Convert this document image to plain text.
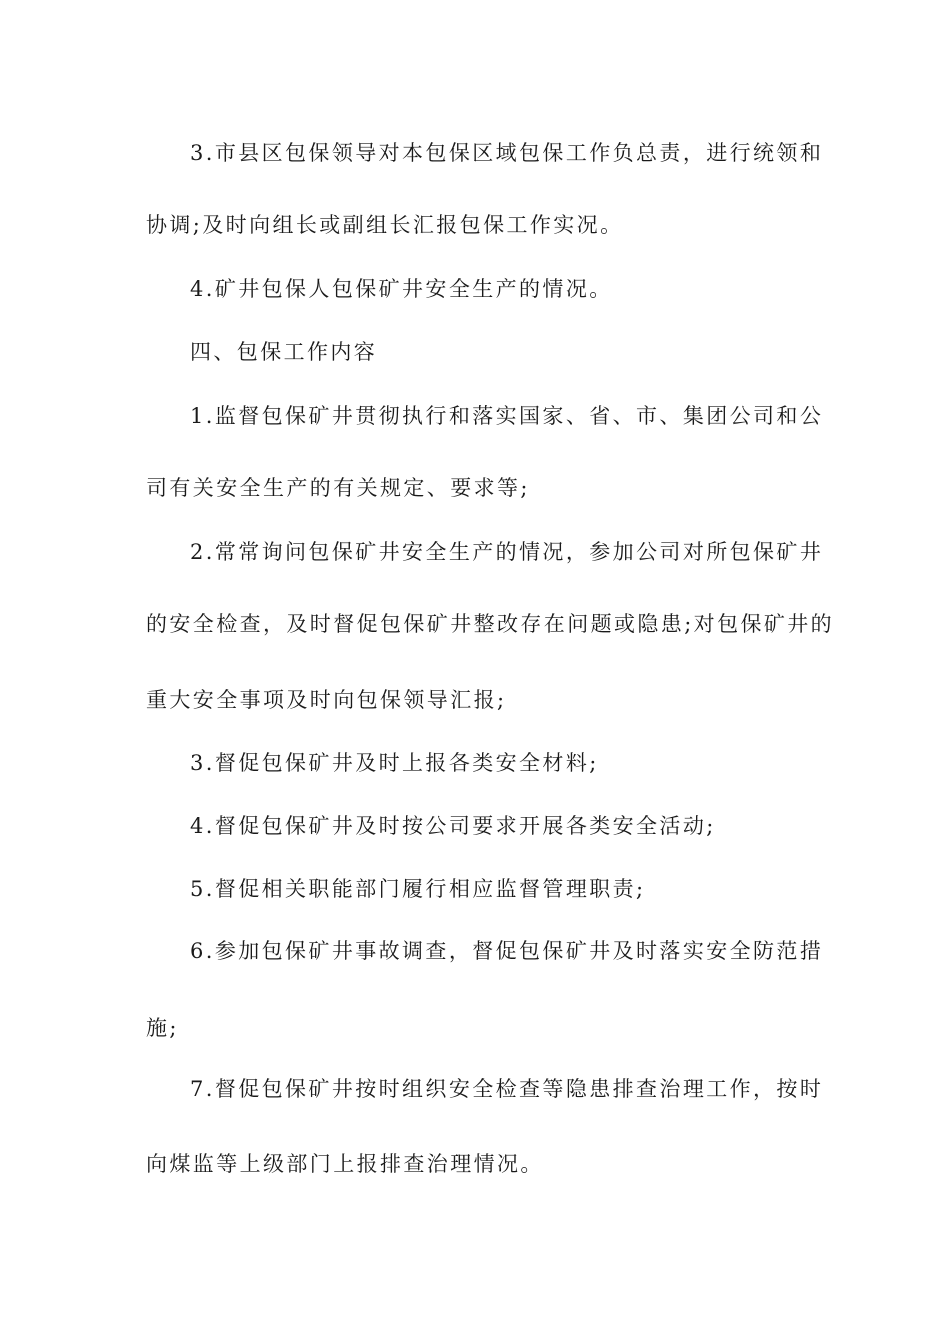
3.市县区包保领导对本包保区域包保工作负总责，进行统领和
协调;及时向组长或副组长汇报包保工作实况。
4.矿井包保人包保矿井安全生产的情况。
四、包保工作内容
1.监督包保矿井贯彻执行和落实国家、省、市、集团公司和公
司有关安全生产的有关规定、要求等;
2.常常询问包保矿井安全生产的情况，参加公司对所包保矿井
的安全检查，及时督促包保矿井整改存在问题或隐患;对包保矿井的
重大安全事项及时向包保领导汇报;
3.督促包保矿井及时上报各类安全材料;
4.督促包保矿井及时按公司要求开展各类安全活动;
5.督促相关职能部门履行相应监督管理职责;
6.参加包保矿井事故调查，督促包保矿井及时落实安全防范措
施;
7.督促包保矿井按时组织安全检查等隐患排查治理工作，按时
向煤监等上级部门上报排查治理情况。
